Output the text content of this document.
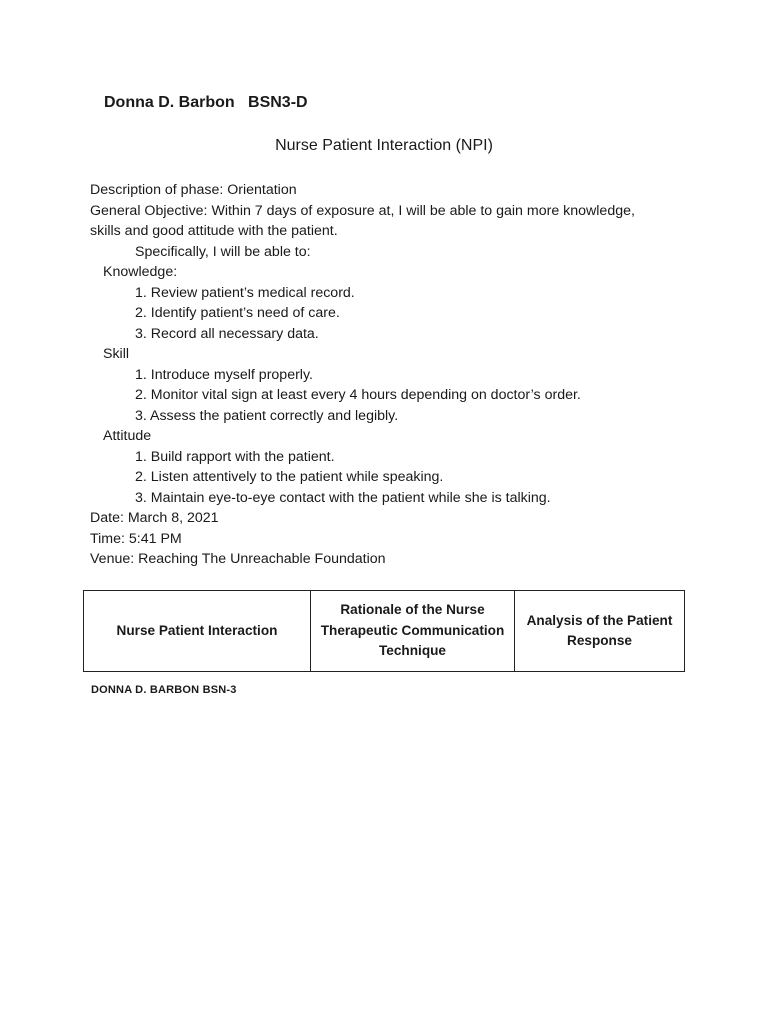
Donna D. Barbon BSN3-D
Nurse Patient Interaction (NPI)
Description of phase: Orientation
General Objective: Within 7 days of exposure at, I will be able to gain more knowledge,
skills and good attitude with the patient.
Specifically, I will be able to:
Knowledge:
1. Review patient’s medical record.
2. Identify patient’s need of care.
3. Record all necessary data.
Skill
1. Introduce myself properly.
2. Monitor vital sign at least every 4 hours depending on doctor’s order.
3. Assess the patient correctly and legibly.
Attitude
1. Build rapport with the patient.
2. Listen attentively to the patient while speaking.
3. Maintain eye-to-eye contact with the patient while she is talking.
Date: March 8, 2021
Time: 5:41 PM
Venue: Reaching The Unreachable Foundation
Nurse Patient Interaction	Rationale of the Nurse Therapeutic Communication Technique	Analysis of the Patient Response
DONNA D. BARBON BSN-3
